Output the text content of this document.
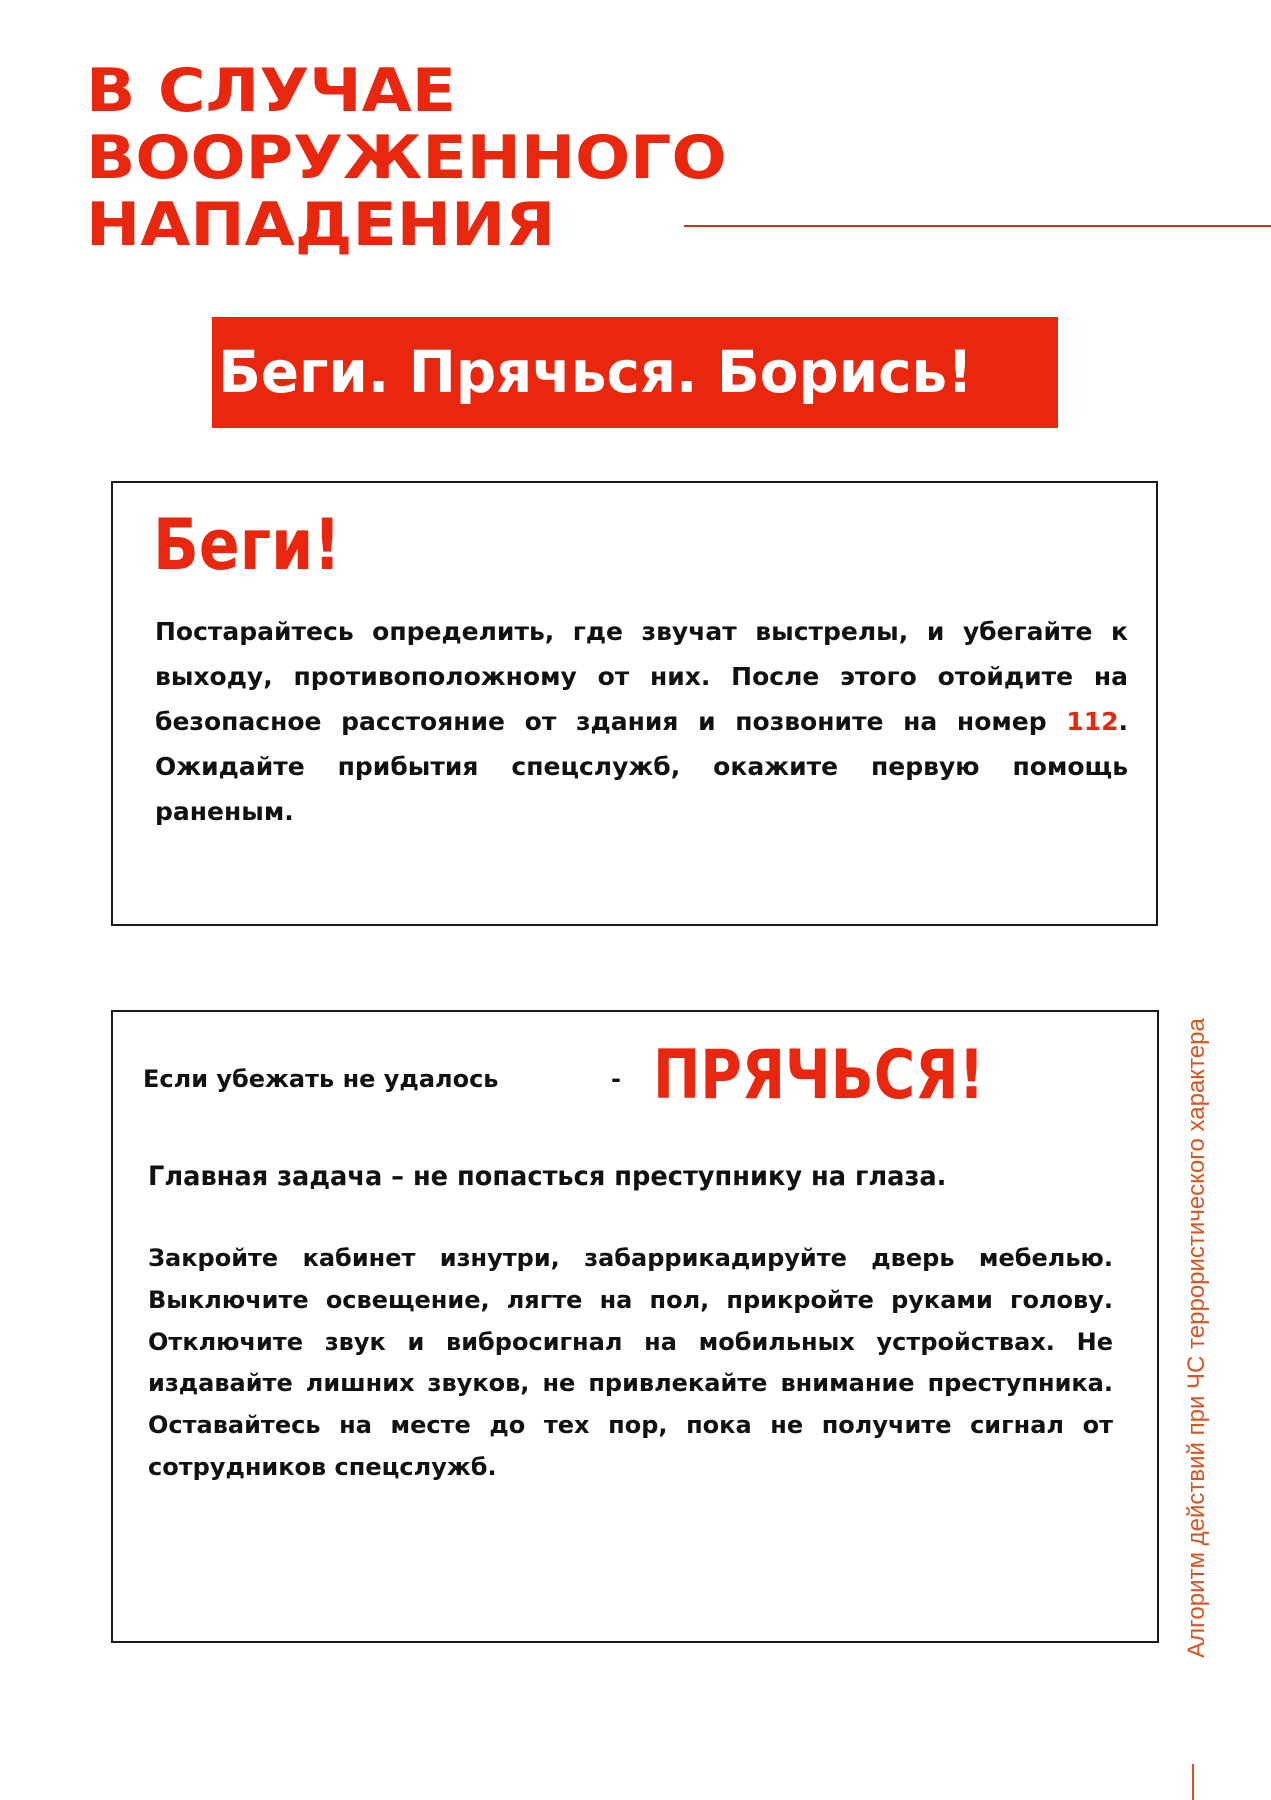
В СЛУЧАЕ
ВООРУЖЕННОГО
НАПАДЕНИЯ
Беги. Прячься. Борись!
Беги!

Постарайтесь определить, где звучат выстрелы, и убегайте к выходу, противоположному от них. После этого отойдите на безопасное расстояние от здания и позвоните на номер 112. Ожидайте прибытия спецслужб, окажите первую помощь раненым.

Если убежать не удалось	- ПРЯЧЬСЯ!

Главная задача – не попасться преступнику на глаза.

Закройте кабинет изнутри, забаррикадируйте дверь мебелью. Выключите освещение, лягте на пол, прикройте руками голову. Отключите звук и вибросигнал на мобильных устройствах. Не издавайте лишних звуков, не привлекайте внимание преступника. Оставайтесь на месте до тех пор, пока не получите сигнал от сотрудников спецслужб.	Алгоритм действий при ЧС террористического характера
